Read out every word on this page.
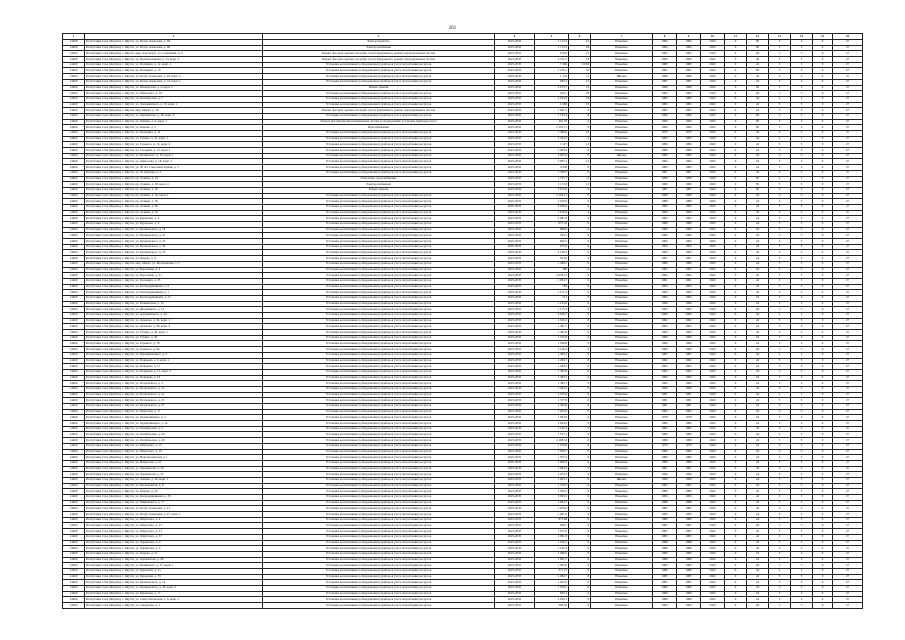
261
1	2	3	4	5	6	7	8	9	10	11	12	13	14	15	16
14468	Республика Саха (Якутия), г. Якутск, ул. Петра Алексеева, д. 66	Благоустройство	2025-2035	1 113,3	12	Нежилые	1994	1994	2042	0	85	3	3	0	27
14469	Республика Саха (Якутия), г. Якутск, ул. Петра Алексеева, д. 68	Электроснабжение	2025-2035	1 113,3	24	Нежилые	1994	1994	2043	0	85	3	3	0	27
14469	Республика Саха (Якутия), г. Якутск, мкр. Аэропорта, ул. Соколиная, д. 6	Ремонт фасадов, кровли, несущих стен и фундамента, ремонт внутридомовых систем	2025-2035	6 819	12	Нежилые	1963	1963	2043	0	24	3	3	0	27
14469	Республика Саха (Якутия), г. Якутск, ул. Промышленная, д. 13, корп. 3	Ремонт фасадов, кровли, несущих стен и фундамента, ремонт внутридомовых систем	2025-2035	2 721,5	23	Нежилые	1990	1990	2043	0	46	3	3	0	27
14469	Республика Саха (Якутия), г. Якутск, ул. Полярная, д. 12, корп. 1	Установка коллективных (общедомовых) приборов учета потребления ресурсов	2025-2035	7 460	10,83	Нежилые	1980	1980	2043	0	24	3	3	0	27
14469	Республика Саха (Якутия), г. Якутск, ул. Полярная, д. 13	Установка коллективных (общедомовых) приборов учета потребления ресурсов	2025-2035	1 476,1	16	Нежилые	1991	1991	2043	0	85	3	3	0	27
14469	Республика Саха (Якутия), г. Якутск, ул. Петра Алексеева, д. 16, корп. 2	Установка коллективных (общедомовых) приборов учета потребления ресурсов	2025-2035	1 143	11	Жилые	1990	1990	2043	0	24	3	3	0	27
14469	Республика Саха (Якутия), г. Якутск, ул. Петра Алексеева, д. 19, корп. 1	Установка коллективных (общедомовых) приборов учета потребления ресурсов	2025-2035	683,3	12	Нежилые	1987	1987	2043	0	24	3	3	0	27
14469	Республика Саха (Якутия), г. Якутск, ул. Пионерская, д. 4, корп. 3	Ремонт крыши	2025-2035	2 073,7	21	Нежилые	1990	1990	2043	0	85	3	3	0	27
14469	Республика Саха (Якутия), г. Якутск, ул. Ойунского, д. 18	Установка коллективных (общедомовых) приборов учета потребления ресурсов	2025-2035	529,1	18	Нежилые	1993	1993	2043	0	24	3	3	0	27
14469	Республика Саха (Якутия), г. Якутск, ул. Октябрьская, д. 7	Установка коллективных (общедомовых) приборов учета потребления ресурсов	2025-2035	2 034,9	19	Нежилые	1985	1985	2043	0	24	3	3	0	27
14469	Республика Саха (Якутия), г. Якутск, ул. Дзержинского, д. 13, корп. 1	Установка коллективных (общедомовых) приборов учета потребления ресурсов	2025-2035	1 096	19	Нежилые	1982	1982	2043	0	24	3	3	0	27
14469	Республика Саха (Якутия), г. Якутск, мкр. Марха, д. 16	Ремонт фасадов, кровли, несущих стен и фундамента, ремонт внутридомовых систем	2025-2035	1 947,1	6	Нежилые	1987	1987	2043	0	24	3	3	0	27
14469	Республика Саха (Якутия), г. Якутск, ул. Лермонтова, д. 38, корп. 4	Установка коллективных (общедомовых) приборов учета потребления ресурсов	2025-2035	1 723,4	8	Нежилые	1996	1996	2043	0	85	3	3	0	27
14469	Республика Саха (Якутия), г. Якутск, ул. Ленина, д. 6, корп. 1	Ремонт внутридомовых инженерных систем и оборудования, установка приборов учета	2025-2035	461,79	6	Нежилые	1990	1990	2043	0	85	3	3	0	27
14469	Республика Саха (Якутия), г. Якутск, ул. Кирова, д. 3	Водоснабжение	2025-2035	2 197,11	6	Нежилые	1993	1993	2043	0	85	3	3	0	27
14469	Республика Саха (Якутия), г. Якутск, ул. Кальвица, д. 12	Установка коллективных (общедомовых) приборов учета потребления ресурсов	2025-2035	1 386,6	12	Нежилые	1975	1975	2043	0	24	3	3	0	27
14469	Республика Саха (Якутия), г. Якутск, ул. Губина, д. 19, корп. 1	Установка коллективных (общедомовых) приборов учета потребления ресурсов	2025-2035	2 334,5	4	Нежилые	1993	1993	2043	0	24	3	3	0	27
14469	Республика Саха (Якутия), г. Якутск, ул. Горького, д. 72, корп. 2	Установка коллективных (общедомовых) приборов учета потребления ресурсов	2025-2035	1 527	12	Нежилые	1990	1990	2043	0	24	3	3	0	27
14469	Республика Саха (Якутия), г. Якутск, ул. Гагарина, д. 12, корп. 1	Установка коллективных (общедомовых) приборов учета потребления ресурсов	2025-2035	3 003,4	6	Нежилые	1986	1986	2043	0	24	3	3	0	27
14469	Республика Саха (Якутия), г. Якутск, ул. Белинского, д. 55, корп. 1	Установка коллективных (общедомовых) приборов учета потребления ресурсов	2025-2035	2 003,4	6	Жилые	1990	1990	2043	0	24	3	3	0	27
14469	Республика Саха (Якутия), г. Якутск, ул. Аммосова, д. 18, корп. 2	Установка коллективных (общедомовых) приборов учета потребления ресурсов	2025-2035	3 967,1	12	Нежилые	1992	1992	2043	0	24	3	3	0	27
14469	Республика Саха (Якутия), г. Якутск, ул. 50 лет Советской Армии, д. 3	Установка коллективных (общедомовых) приборов учета потребления ресурсов	2025-2035	4 938	6	Нежилые	1983	1983	2043	0	24	3	3	0	27
14469	Республика Саха (Якутия), г. Якутск, ул. 32 Декабря, д. 2	Установка коллективных (общедомовых) приборов учета потребления ресурсов	2025-2035	1 338,3	6	Нежилые	1991	1991	2043	0	24	3	3	0	27
14469	Республика Саха (Якутия), г. Якутск, пр. Ленина, д. 24	Отопление, водоснабжение	2025-2035	1 727,7	6	Нежилые	1990	1990	2043	0	85	3	3	0	27
14469	Республика Саха (Якутия), г. Якутск, пр. Ленина, д. 28, корп. 4	Электроснабжение	2025-2035	2 172,8	12	Нежилые	1990	1990	2043	0	85	3	3	0	27
14469	Республика Саха (Якутия), г. Якутск, пр. Ленина, д. 30	Ремонт крыши	2025-2035	3 072,6	6	Нежилые	1987	1987	2043	0	85	3	3	0	27
14469	Республика Саха (Якутия), г. Якутск, пр. Ленина, д. 34, корп. 1	Установка коллективных (общедомовых) приборов учета потребления ресурсов	2025-2035	5 104,11	6	Нежилые	1968	1968	2043	0	24	3	3	0	27
14469	Республика Саха (Якутия), г. Якутск, пр. Ленина, д. 36	Установка коллективных (общедомовых) приборов учета потребления ресурсов	2025-2035	1 016,9	6	Нежилые	1989	1989	2043	0	24	3	3	0	27
14469	Республика Саха (Якутия), г. Якутск, пр. Ленина, д. 46	Установка коллективных (общедомовых) приборов учета потребления ресурсов	2025-2035	4 036,6	6	Нежилые	1990	1990	2043	0	24	3	3	0	27
14469	Республика Саха (Якутия), г. Якутск, пр. Ленина, д. 52	Установка коллективных (общедомовых) приборов учета потребления ресурсов	2025-2035	1 618,8	4	Нежилые	1960	1960	2043	0	24	3	3	0	27
14469	Республика Саха (Якутия), г. Якутск, ул. Курашова, д. 2	Установка коллективных (общедомовых) приборов учета потребления ресурсов	2025-2035	2 081,8	6	Нежилые	1962	1962	2043	0	24	3	3	0	27
14469	Республика Саха (Якутия), г. Якутск, ул. Курашова, д. 9	Установка коллективных (общедомовых) приборов учета потребления ресурсов	2025-2035	957,16	6	Нежилые	1989	1989	2043	0	24	3	3	0	27
14469	Республика Саха (Якутия), г. Якутск, ул. Кулаковского, д. 18	Установка коллективных (общедомовых) приборов учета потребления ресурсов	2025-2035	898,6	6	Нежилые	1990	1990	2043	0	24	3	3	0	27
14469	Республика Саха (Якутия), г. Якутск, ул. Кулаковского, д. 21	Установка коллективных (общедомовых) приборов учета потребления ресурсов	2025-2035	394,1	6	Нежилые	1990	1990	2043	0	24	3	3	0	27
14469	Республика Саха (Якутия), г. Якутск, ул. Кулаковского, д. 23	Установка коллективных (общедомовых) приборов учета потребления ресурсов	2025-2035	826,2	6	Нежилые	1992	1992	2043	0	24	3	3	0	27
14469	Республика Саха (Якутия), г. Якутск, ул. Кулаковского, д. 30	Установка коллективных (общедомовых) приборов учета потребления ресурсов	2025-2035	675,6	6	Нежилые	1993	1993	2043	0	24	3	3	0	27
14469	Республика Саха (Якутия), г. Якутск, ул. Кулаковского, д. 33	Установка коллективных (общедомовых) приборов учета потребления ресурсов	2025-2035	2 129,5	6	Нежилые	1993	1993	2043	0	24	3	3	0	27
14469	Республика Саха (Якутия), г. Якутск, ул. Кирова, д. 9	Установка коллективных (общедомовых) приборов учета потребления ресурсов	2025-2035	623,6	6	Нежилые	1997	1997	2043	0	24	3	3	0	27
14469	Республика Саха (Якутия), г. Якутск, мкр. Марха, ул. Молодежная, д. 5	Установка коллективных (общедомовых) приборов учета потребления ресурсов	2025-2035	1 468,5	6	Нежилые	1989	1989	2043	0	24	3	3	0	27
14469	Республика Саха (Якутия), г. Якутск, ул. Короленко, д. 4	Установка коллективных (общедомовых) приборов учета потребления ресурсов	2025-2035	399	6	Нежилые	1993	1993	2043	0	24	3	3	0	27
14469	Республика Саха (Якутия), г. Якутск, ул. Короленко, д. 21	Установка коллективных (общедомовых) приборов учета потребления ресурсов	2025-2035	4 039,41	6	Нежилые	1994	1994	2043	0	24	3	3	0	27
14469	Республика Саха (Якутия), г. Якутск, ул. Кальвица, д. 23	Установка коллективных (общедомовых) приборов учета потребления ресурсов	2025-2035	1 064,7	6	Нежилые	1991	1991	2043	0	24	3	3	0	27
14469	Республика Саха (Якутия), г. Якутск, ул. Каландаришвили, д. 6	Установка коллективных (общедомовых) приборов учета потребления ресурсов	2025-2035	784	6	Нежилые	1994	1994	2043	0	24	3	3	0	27
14469	Республика Саха (Якутия), г. Якутск, ул. Каландаришвили, д. 7	Установка коллективных (общедомовых) приборов учета потребления ресурсов	2025-2035	1 171,3	6	Нежилые	1993	1993	2043	0	24	3	3	0	27
14469	Республика Саха (Якутия), г. Якутск, ул. Каландаришвили, д. 27	Установка коллективных (общедомовых) приборов учета потребления ресурсов	2025-2035	312	6	Нежилые	1993	1993	2043	0	24	3	3	0	27
14469	Республика Саха (Якутия), г. Якутск, ул. Ильменская, д. 12	Установка коллективных (общедомовых) приборов учета потребления ресурсов	2025-2035	1 103,6	6	Нежилые	1996	1996	2043	0	24	3	3	0	27
14469	Республика Саха (Якутия), г. Якутск, ул. Жорницкого, д. 13	Установка коллективных (общедомовых) приборов учета потребления ресурсов	2025-2035	1 175,3	6	Нежилые	1995	1995	2043	0	24	3	3	0	27
14469	Республика Саха (Якутия), г. Якутск, ул. Дзержинского, д. 44	Установка коллективных (общедомовых) приборов учета потребления ресурсов	2025-2035	4 049,7	6	Нежилые	2006	2006	2043	0	24	3	3	0	27
14469	Республика Саха (Якутия), г. Якутск, ул. Дежнева, д. 34, корп. 1	Установка коллективных (общедомовых) приборов учета потребления ресурсов	2025-2035	1 616,2	6	Нежилые	1992	1992	2043	0	24	3	3	0	27
14469	Республика Саха (Якутия), г. Якутск, ул. Дежнева, д. 36, корп. 2	Установка коллективных (общедомовых) приборов учета потребления ресурсов	2025-2035	1 381,7	6	Нежилые	1993	1993	2043	0	24	3	3	0	27
14469	Республика Саха (Якутия), г. Якутск, ул. Губина, д. 26, корп. 1	Установка коллективных (общедомовых) приборов учета потребления ресурсов	2025-2035	1 382,8	6	Нежилые	1993	1993	2043	0	24	3	3	0	27
14469	Республика Саха (Якутия), г. Якутск, ул. Губина, д. 30	Установка коллективных (общедомовых) приборов учета потребления ресурсов	2025-2035	1 195,8	6	Нежилые	1990	1990	2043	0	24	3	3	0	27
14469	Республика Саха (Якутия), г. Якутск, ул. Горького, д. 78	Установка коллективных (общедомовых) приборов учета потребления ресурсов	2025-2035	1 506,8	6	Нежилые	1990	1990	2043	0	24	3	3	0	27
14469	Республика Саха (Якутия), г. Якутск, ул. Горького, д. 94	Установка коллективных (общедомовых) приборов учета потребления ресурсов	2025-2035	2 126,4	6	Нежилые	1990	1990	2043	0	24	3	3	0	27
14469	Республика Саха (Якутия), г. Якутск, ул. Чернышевского, д. 4	Установка коллективных (общедомовых) приборов учета потребления ресурсов	2025-2035	1 384,5	6	Нежилые	1987	1987	2043	0	24	3	3	0	27
14469	Республика Саха (Якутия), г. Якутск, ул. Пояркова, д. 6, корп. 1	Установка коллективных (общедомовых) приборов учета потребления ресурсов	2025-2035	1 206,7	6	Нежилые	1992	1992	2043	0	24	3	3	0	27
14469	Республика Саха (Якутия), г. Якутск, ул. Пояркова, д. 11	Установка коллективных (общедомовых) приборов учета потребления ресурсов	2025-2035	1 384,5	6	Нежилые	1993	1993	2043	0	24	3	3	0	27
14469	Республика Саха (Якутия), г. Якутск, ул. Пояркова, д. 13, корп. 2	Установка коллективных (общедомовых) приборов учета потребления ресурсов	2025-2035	1 383,8	6	Нежилые	1993	1993	2043	0	24	3	3	0	27
14469	Республика Саха (Якутия), г. Якутск, ул. Пояркова, д. 16	Установка коллективных (общедомовых) приборов учета потребления ресурсов	2025-2035	1 384,7	6	Нежилые	1993	1993	2043	0	24	3	3	0	27
14469	Республика Саха (Якутия), г. Якутск, ул. Петровского, д. 3	Установка коллективных (общедомовых) приборов учета потребления ресурсов	2025-2035	1 382,1	6	Нежилые	1992	1992	2043	0	24	3	3	0	27
14469	Республика Саха (Якутия), г. Якутск, ул. Петровского, д. 12	Установка коллективных (общедомовых) приборов учета потребления ресурсов	2025-2035	1 203,5	6	Нежилые	1990	1990	2043	0	24	3	3	0	27
14469	Республика Саха (Якутия), г. Якутск, ул. Петровского, д. 21	Установка коллективных (общедомовых) приборов учета потребления ресурсов	2025-2035	2 105,6	6	Нежилые	1991	1991	2043	0	24	3	3	0	27
14469	Республика Саха (Якутия), г. Якутск, ул. Петровского, д. 25	Установка коллективных (общедомовых) приборов учета потребления ресурсов	2025-2035	1 377,9	6	Нежилые	1991	1991	2043	0	24	3	3	0	27
14469	Республика Саха (Якутия), г. Якутск, ул. Петровского, д. 27	Установка коллективных (общедомовых) приборов учета потребления ресурсов	2025-2035	1 384,6	6	Нежилые	1991	1991	2043	0	24	3	3	0	27
14469	Республика Саха (Якутия), г. Якутск, ул. Пирогова, д. 11	Установка коллективных (общедомовых) приборов учета потребления ресурсов	2025-2035	1 052,6	6	Нежилые	1984	1984	2043	0	24	3	3	0	27
14469	Республика Саха (Якутия), г. Якутск, ул. Орджоникидзе, д. 2	Установка коллективных (общедомовых) приборов учета потребления ресурсов	2025-2035	1 093,8	6	Нежилые	1978	1978	2043	0	24	3	3	0	27
14469	Республика Саха (Якутия), г. Якутск, ул. Орджоникидзе, д. 14	Установка коллективных (общедомовых) приборов учета потребления ресурсов	2025-2035	2 054,2	6	Нежилые	1980	1980	2043	0	24	3	3	0	27
14469	Республика Саха (Якутия), г. Якутск, ул. Октябрьская, д. 2	Установка коллективных (общедомовых) приборов учета потребления ресурсов	2025-2035	1 165,2	6	Нежилые	1983	1983	2043	0	24	3	3	0	27
14469	Республика Саха (Якутия), г. Якутск, ул. Октябрьская, д. 20	Установка коллективных (общедомовых) приборов учета потребления ресурсов	2025-2035	1 017,1	6	Нежилые	1982	1982	2043	0	24	3	3	0	27
14469	Республика Саха (Якутия), г. Якутск, ул. Октябрьская, д. 26	Установка коллективных (общедомовых) приборов учета потребления ресурсов	2025-2035	4 168,32	6	Нежилые	1980	1980	2043	0	24	3	3	0	27
14469	Республика Саха (Якутия), г. Якутск, ул. Ойунского, д. 12	Установка коллективных (общедомовых) приборов учета потребления ресурсов	2025-2035	1 019,8	6	Нежилые	1979	1979	2043	0	24	3	3	0	27
14469	Республика Саха (Якутия), г. Якутск, ул. Ойунского, д. 19	Установка коллективных (общедомовых) приборов учета потребления ресурсов	2025-2035	1 036,7	6	Нежилые	1980	1980	2043	0	24	3	3	0	27
14469	Республика Саха (Якутия), г. Якутск, ул. Новопортовская, д. 1	Установка коллективных (общедомовых) приборов учета потребления ресурсов	2025-2035	1 075,4	6	Нежилые	1980	1980	2043	0	24	3	3	0	27
14469	Республика Саха (Якутия), г. Якутск, ул. Некрасова, д. 21	Установка коллективных (общедомовых) приборов учета потребления ресурсов	2025-2035	1 060,6	6	Нежилые	1989	1989	2043	0	24	3	3	0	27
14469	Республика Саха (Якутия), г. Якутск, ул. Лермонтова, д. 29	Установка коллективных (общедомовых) приборов учета потребления ресурсов	2025-2035	1 084,4	6	Нежилые	1991	1991	2043	0	24	3	3	0	27
14469	Республика Саха (Якутия), г. Якутск, ул. Лермонтова, д. 47	Установка коллективных (общедомовых) приборов учета потребления ресурсов	2025-2035	1 072,5	6	Нежилые	1990	1990	2043	0	24	3	3	0	27
14469	Республика Саха (Якутия), г. Якутск, ул. Ленина, д. 26, корп. 1	Установка коллективных (общедомовых) приборов учета потребления ресурсов	2025-2035	1 903,1	6	Жилые	1990	1990	2043	0	24	3	3	0	27
14469	Республика Саха (Якутия), г. Якутск, ул. Космонавтов, д. 8	Установка коллективных (общедомовых) приборов учета потребления ресурсов	2025-2035	1 379,3	6	Нежилые	1993	1993	2043	0	24	3	3	0	27
14469	Республика Саха (Якутия), г. Якутск, ул. Кирова, д. 20	Установка коллективных (общедомовых) приборов учета потребления ресурсов	2025-2035	1 056,2	6	Нежилые	1989	1989	2043	0	24	3	3	0	27
14469	Республика Саха (Якутия), г. Якутск, ул. Каландаришвили, д. 33	Установка коллективных (общедомовых) приборов учета потребления ресурсов	2025-2035	5 093,5	6	Нежилые	1993	1993	2043	0	24	3	3	0	27
14469	Республика Саха (Якутия), г. Якутск, ул. Чайковского, д. 71	Установка коллективных (общедомовых) приборов учета потребления ресурсов	2025-2035	1 094,7	6	Нежилые	1988	1988	2043	0	24	3	3	0	27
14469	Республика Саха (Якутия), г. Якутск, ул. Петра Алексеева, д. 13	Установка коллективных (общедомовых) приборов учета потребления ресурсов	2025-2035	1 076,6	6	Нежилые	1985	1985	2043	0	24	3	3	0	27
14469	Республика Саха (Якутия), г. Якутск, ул. Петра Алексеева, д. 27, корп. 1	Установка коллективных (общедомовых) приборов учета потребления ресурсов	2025-2035	1 061,6	6	Нежилые	1983	1983	2043	0	24	3	3	0	27
14469	Республика Саха (Якутия), г. Якутск, ул. Ойунского, д. 9	Установка коллективных (общедомовых) приборов учета потребления ресурсов	2025-2035	873,98	6	Нежилые	1989	1989	2043	0	24	3	3	0	27
14469	Республика Саха (Якутия), г. Якутск, ул. Ойунского, д. 27	Установка коллективных (общедомовых) приборов учета потребления ресурсов	2025-2035	968,7	6	Нежилые	1987	1987	2043	0	24	3	3	0	27
14469	Республика Саха (Якутия), г. Якутск, ул. Ойунского, д. 31	Установка коллективных (общедомовых) приборов учета потребления ресурсов	2025-2035	1 073,5	6	Нежилые	1987	1987	2043	0	24	3	3	0	27
14469	Республика Саха (Якутия), г. Якутск, ул. Ойунского, д. 37	Установка коллективных (общедомовых) приборов учета потребления ресурсов	2025-2035	1 061,8	6	Нежилые	1985	1985	2043	0	24	3	3	0	27
14469	Республика Саха (Якутия), г. Якутск, ул. Ларионова, д. 4	Установка коллективных (общедомовых) приборов учета потребления ресурсов	2025-2035	1 160,1	6	Нежилые	1988	1988	2043	0	24	3	3	0	27
14469	Республика Саха (Якутия), г. Якутск, ул. Ларионова, д. 6	Установка коллективных (общедомовых) приборов учета потребления ресурсов	2025-2035	1 165,4	6	Нежилые	1989	1989	2043	0	24	3	3	0	27
14469	Республика Саха (Якутия), г. Якутск, ул. Кирова, д. 21	Установка коллективных (общедомовых) приборов учета потребления ресурсов	2025-2035	1 068,2	6	Нежилые	1985	1985	2043	0	24	3	3	0	27
14469	Республика Саха (Якутия), г. Якутск, ул. Лермонтова, д. 96	Установка коллективных (общедомовых) приборов учета потребления ресурсов	2025-2035	1 061,7	6	Нежилые	1989	1989	2043	0	24	3	3	0	27
14469	Республика Саха (Якутия), г. Якутск, ул. Белинского, д. 27, корп. 1	Установка коллективных (общедомовых) приборов учета потребления ресурсов	2025-2035	1 063,6	6	Нежилые	1984	1984	2043	0	24	3	3	0	27
14469	Республика Саха (Якутия), г. Якутск, ул. Курашова, д. 21	Установка коллективных (общедомовых) приборов учета потребления ресурсов	2025-2035	271,75	6	Нежилые	1988	1988	2043	0	24	3	3	0	27
14469	Республика Саха (Якутия), г. Якутск, ул. Курашова, д. 35	Установка коллективных (общедомовых) приборов учета потребления ресурсов	2025-2035	1 084,7	6	Нежилые	1985	1985	2043	0	24	3	3	0	27
14469	Республика Саха (Якутия), г. Якутск, ул. Кулаковского, д. 14	Установка коллективных (общедомовых) приборов учета потребления ресурсов	2025-2035	1 052,6	6	Нежилые	1987	1987	2043	0	24	3	3	0	27
14469	Республика Саха (Якутия), г. Якутск, ул. Кулаковского, д. 28, корп. 2	Установка коллективных (общедомовых) приборов учета потребления ресурсов	2025-2035	1 078,5	6	Нежилые	1986	1986	2043	0	24	3	3	0	27
14469	Республика Саха (Якутия), г. Якутск, ул. Курашова, д. 11	Установка коллективных (общедомовых) приборов учета потребления ресурсов	2025-2035	845,5	6	Нежилые	1980	1980	2043	0	24	3	3	0	27
14469	Республика Саха (Якутия), г. Якутск, ул. Севастопольская, д. 6, корп. 1	Установка коллективных (общедомовых) приборов учета потребления ресурсов	2025-2035	2 050,1	6	Нежилые	1968	1968	2043	0	24	3	3	0	27
14469	Республика Саха (Якутия), г. Якутск, ул. Свердлова, д. 3	Установка коллективных (общедомовых) приборов учета потребления ресурсов	2025-2035	290,62	6	Нежилые	1964	1964	2043	0	24	3	3	0	27
